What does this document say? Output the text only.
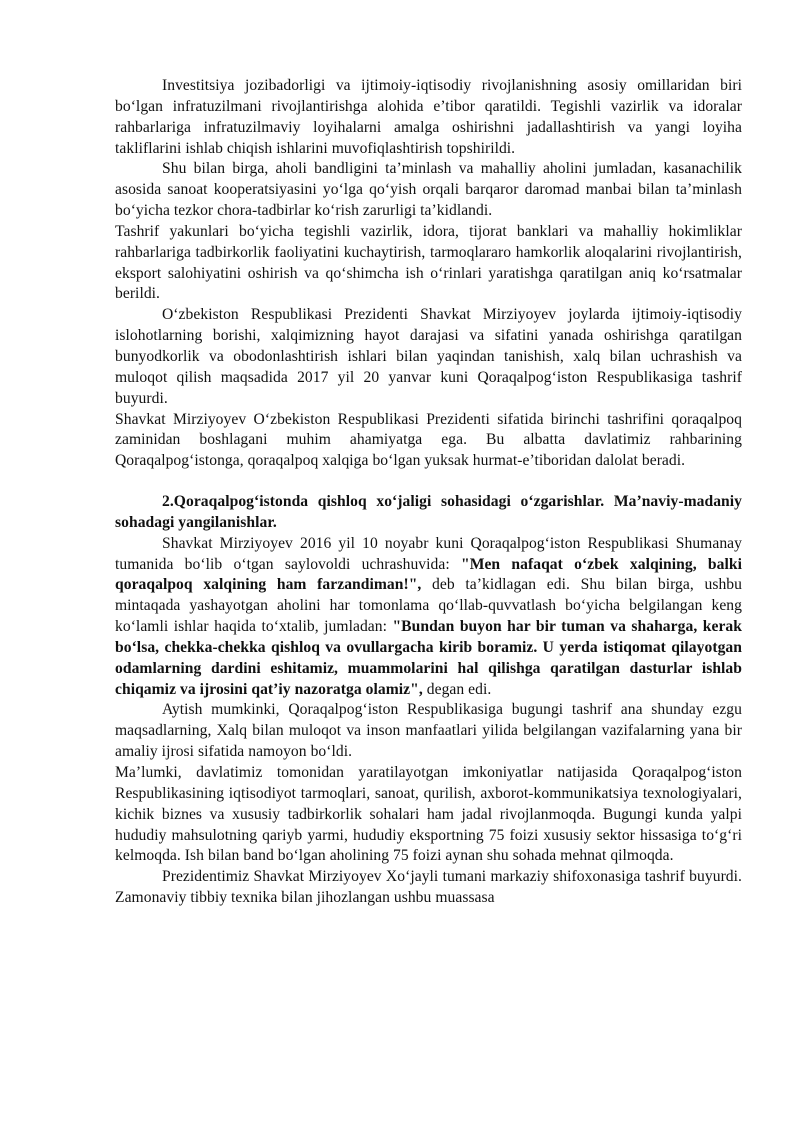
Investitsiya jozibadorligi va ijtimoiy-iqtisodiy rivojlanishning asosiy omillaridan biri bo‘lgan infratuzilmani rivojlantirishga alohida e’tibor qaratildi. Tegishli vazirlik va idoralar rahbarlariga infratuzilmaviy loyihalarni amalga oshirishni jadallashtirish va yangi loyiha takliflarini ishlab chiqish ishlarini muvofiqlashtirish topshirildi.

Shu bilan birga, aholi bandligini ta’minlash va mahalliy aholini jumladan, kasanachilik asosida sanoat kooperatsiyasini yo‘lga qo‘yish orqali barqaror daromad manbai bilan ta’minlash bo‘yicha tezkor chora-tadbirlar ko‘rish zarurligi ta’kidlandi.

Tashrif yakunlari bo‘yicha tegishli vazirlik, idora, tijorat banklari va mahalliy hokimliklar rahbarlariga tadbirkorlik faoliyatini kuchaytirish, tarmoqlararo hamkorlik aloqalarini rivojlantirish, eksport salohiyatini oshirish va qo‘shimcha ish o‘rinlari yaratishga qaratilgan aniq ko‘rsatmalar berildi.

O‘zbekiston Respublikasi Prezidenti Shavkat Mirziyoyev joylarda ijtimoiy-iqtisodiy islohotlarning borishi, xalqimizning hayot darajasi va sifatini yanada oshirishga qaratilgan bunyodkorlik va obodonlashtirish ishlari bilan yaqindan tanishish, xalq bilan uchrashish va muloqot qilish maqsadida 2017 yil 20 yanvar kuni Qoraqalpog‘iston Respublikasiga tashrif buyurdi.

Shavkat Mirziyoyev O‘zbekiston Respublikasi Prezidenti sifatida birinchi tashrifini qoraqalpoq zaminidan boshlagani muhim ahamiyatga ega. Bu albatta davlatimiz rahbarining Qoraqalpog‘istonga, qoraqalpoq xalqiga bo‘lgan yuksak hurmat-e’tiboridan dalolat beradi.

2.Qoraqalpog‘istonda qishloq xo‘jaligi sohasidagi o‘zgarishlar. Ma’naviy-madaniy sohadagi yangilanishlar.

Shavkat Mirziyoyev 2016 yil 10 noyabr kuni Qoraqalpog‘iston Respublikasi Shumanay tumanida bo‘lib o‘tgan saylovoldi uchrashuvida: "Men nafaqat o‘zbek xalqining, balki qoraqalpoq xalqining ham farzandiman!", deb ta’kidlagan edi. Shu bilan birga, ushbu mintaqada yashayotgan aholini har tomonlama qo‘llab-quvvatlash bo‘yicha belgilangan keng ko‘lamli ishlar haqida to‘xtalib, jumladan: "Bundan buyon har bir tuman va shaharga, kerak bo‘lsa, chekka-chekka qishloq va ovullargacha kirib boramiz. U yerda istiqomat qilayotgan odamlarning dardini eshitamiz, muammolarini hal qilishga qaratilgan dasturlar ishlab chiqamiz va ijrosini qat’iy nazoratga olamiz", degan edi.

Aytish mumkinki, Qoraqalpog‘iston Respublikasiga bugungi tashrif ana shunday ezgu maqsadlarning, Xalq bilan muloqot va inson manfaatlari yilida belgilangan vazifalarning yana bir amaliy ijrosi sifatida namoyon bo‘ldi.

Ma’lumki, davlatimiz tomonidan yaratilayotgan imkoniyatlar natijasida Qoraqalpog‘iston Respublikasining iqtisodiyot tarmoqlari, sanoat, qurilish, axborot-kommunikatsiya texnologiyalari, kichik biznes va xususiy tadbirkorlik sohalari ham jadal rivojlanmoqda. Bugungi kunda yalpi hududiy mahsulotning qariyb yarmi, hududiy eksportning 75 foizi xususiy sektor hissasiga to‘g‘ri kelmoqda. Ish bilan band bo‘lgan aholining 75 foizi aynan shu sohada mehnat qilmoqda.

Prezidentimiz Shavkat Mirziyoyev Xo‘jayli tumani markaziy shifoxonasiga tashrif buyurdi. Zamonaviy tibbiy texnika bilan jihozlangan ushbu muassasa
